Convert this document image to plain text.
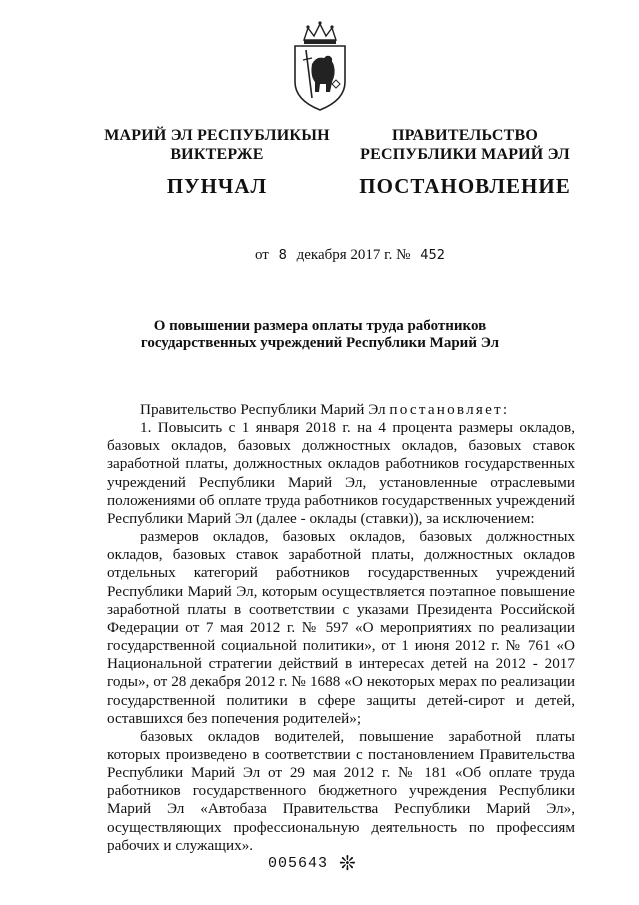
МАРИЙ ЭЛ РЕСПУБЛИКЫН
ВИКТЕРЖЕ
ПРАВИТЕЛЬСТВО
РЕСПУБЛИКИ МАРИЙ ЭЛ
ПУНЧАЛ	ПОСТАНОВЛЕНИЕ
от 8 декабря 2017 г. № 452
О повышении размера оплаты труда работников
государственных учреждений Республики Марий Эл

Правительство Республики Марий Эл постановляет:

1. Повысить с 1 января 2018 г. на 4 процента размеры окладов, базовых окладов, базовых должностных окладов, базовых ставок заработной платы, должностных окладов работников государственных учреждений Республики Марий Эл, установленные отраслевыми положениями об оплате труда работников государственных учреждений Республики Марий Эл (далее - оклады (ставки)), за исключением:

размеров окладов, базовых окладов, базовых должностных окладов, базовых ставок заработной платы, должностных окладов отдельных категорий работников государственных учреждений Республики Марий Эл, которым осуществляется поэтапное повышение заработной платы в соответствии с указами Президента Российской Федерации от 7 мая 2012 г. № 597 «О мероприятиях по реализации государственной социальной политики», от 1 июня 2012 г. № 761 «О Национальной стратегии действий в интересах детей на 2012 - 2017 годы», от 28 декабря 2012 г. № 1688 «О некоторых мерах по реализации государственной политики в сфере защиты детей-сирот и детей, оставшихся без попечения родителей»;

базовых окладов водителей, повышение заработной платы которых произведено в соответствии с постановлением Правительства Республики Марий Эл от 29 мая 2012 г. № 181 «Об оплате труда работников государственного бюджетного учреждения Республики Марий Эл «Автобаза Правительства Республики Марий Эл», осуществляющих профессиональную деятельность по профессиям рабочих и служащих».

005643 ❊
